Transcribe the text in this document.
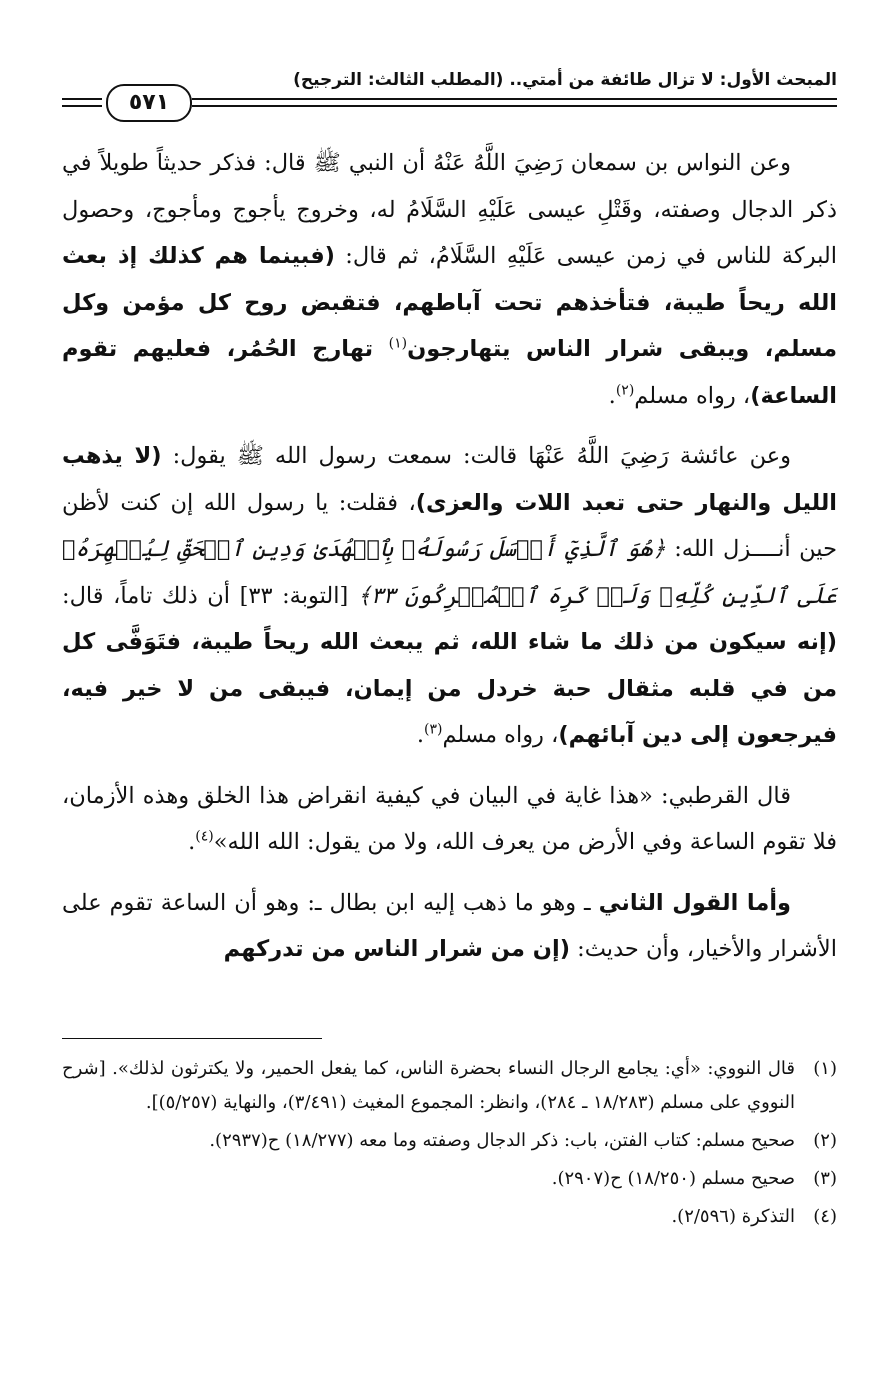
المبحث الأول: لا تزال طائفة من أمتي.. (المطلب الثالث: الترجيح)
٥٧١

وعن النواس بن سمعان رَضِيَ اللَّهُ عَنْهُ أن النبي ﷺ قال: فذكر حديثاً طويلاً في ذكر الدجال وصفته، وقَتْلِ عيسى عَلَيْهِ السَّلَامُ له، وخروج يأجوج ومأجوج، وحصول البركة للناس في زمن عيسى عَلَيْهِ السَّلَامُ، ثم قال: (فبينما هم كذلك إذ بعث الله ريحاً طيبة، فتأخذهم تحت آباطهم، فتقبض روح كل مؤمن وكل مسلم، ويبقى شرار الناس يتهارجون$^{(١)}$ تهارج الحُمُر، فعليهم تقوم الساعة)، رواه مسلم$^{(٢)}$.

وعن عائشة رَضِيَ اللَّهُ عَنْهَا قالت: سمعت رسول الله ﷺ يقول: (لا يذهب الليل والنهار حتى تعبد اللات والعزى)، فقلت: يا رسول الله إن كنت لأظن حين أنــــزل الله: ﴿هُوَ ٱلَّذِيٓ أَرۡسَلَ رَسُولَهُۥ بِٱلۡهُدَىٰ وَدِينِ ٱلۡحَقِّ لِيُظۡهِرَهُۥ عَلَى ٱلدِّينِ كُلِّهِۦ وَلَوۡ كَرِهَ ٱلۡمُشۡرِكُونَ ٣٣﴾ [التوبة: ٣٣] أن ذلك تاماً، قال: (إنه سيكون من ذلك ما شاء الله، ثم يبعث الله ريحاً طيبة، فتَوَفَّى كل من في قلبه مثقال حبة خردل من إيمان، فيبقى من لا خير فيه، فيرجعون إلى دين آبائهم)، رواه مسلم$^{(٣)}$.

قال القرطبي: «هذا غاية في البيان في كيفية انقراض هذا الخلق وهذه الأزمان، فلا تقوم الساعة وفي الأرض من يعرف الله، ولا من يقول: الله الله»$^{(٤)}$.

وأما القول الثاني ـ وهو ما ذهب إليه ابن بطال ـ: وهو أن الساعة تقوم على الأشرار والأخيار، وأن حديث: (إن من شرار الناس من تدركهم

(١)
قال النووي: «أي: يجامع الرجال النساء بحضرة الناس، كما يفعل الحمير، ولا يكترثون لذلك». [شرح النووي على مسلم (١٨/٢٨٣ ـ ٢٨٤)، وانظر: المجموع المغيث (٣/٤٩١)، والنهاية (٥/٢٥٧)].
(٢)
صحيح مسلم: كتاب الفتن، باب: ذكر الدجال وصفته وما معه (١٨/٢٧٧) ح(٢٩٣٧).
(٣)
صحيح مسلم (١٨/٢٥٠) ح(٢٩٠٧).
(٤)
التذكرة (٢/٥٩٦).
